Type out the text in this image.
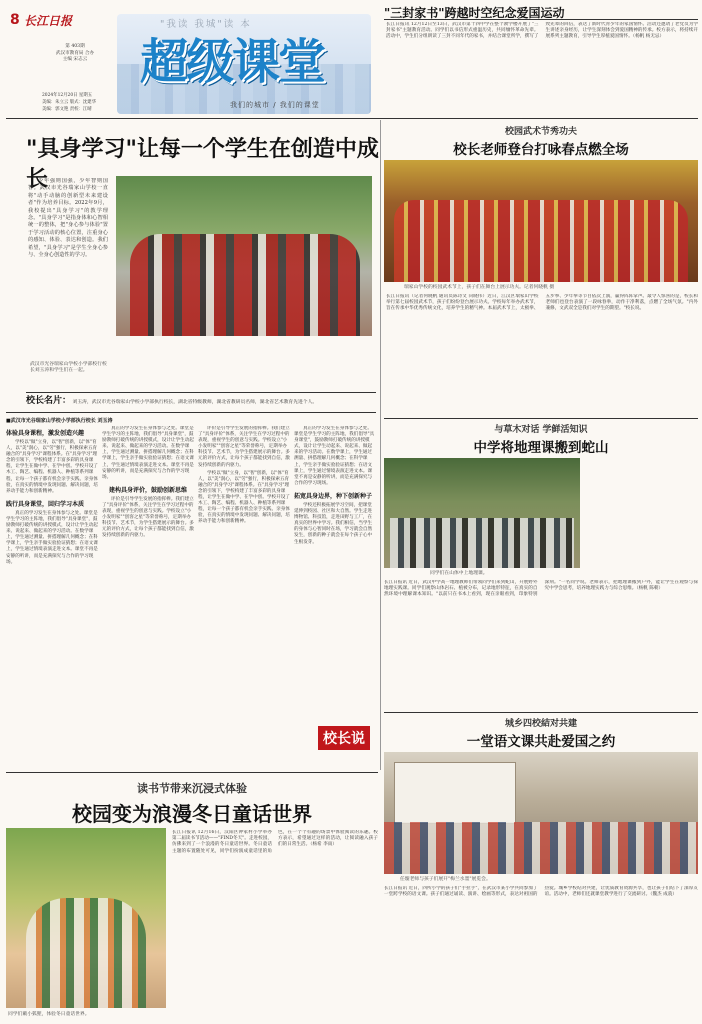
8 长江日报
第 403期
武汉市教育局 合办
主编 宋志云
2024年12月20日 星期五
美编：朱立云 版式：沈建华
美编：郭文艳 责校：江晴
"我读 我城"读 本
超级课堂
我们的城市 / 我们的课堂
"三封家书"跨越时空纪念爱国运动
长江日报讯 12月12日至13日，武汉市第十四中学在整个教学楼开展了"三封家书"主题教育活动。同学们以书信形式重温历史，共同缅怀革命先辈。活动中，学生们分组朗读了三封不同年代的家书，并结合课堂所学，撰写了致先辈的回信，表达了新时代青少年的家国情怀。活动还邀请了老党员为学生讲述亲身经历，让学生深刻体会到爱国精神的传承。校方表示，将持续开展系列主题教育，引导学生厚植爱国情怀。（杨帆 杨无忌）
"具身学习"让每一个学生在创造中成长
少年强则国强，少年智则国智。武汉市光谷瑞家山学校一直将"动手动脑的创新型未来建设者"作为培养目标。2022年9月，我校提出"具身学习"的教学理念。"具身学习"是指身体和心智相统一的整体，把"身心参与体验"置于学习活动的核心位置，注重身心的感知、体验、表达和创造。我们希望，"具身学习"是学生全身心参与、全身心创造性的学习。
武汉市光谷瑞家山学校小学部校行校长刘玉涛和学生们在一起。
校长名片： 刘玉涛，武汉市光谷瑞家山学校小学部执行校长，湖北省特级教师，湖北省教研员名师，湖北省艺术教育先进个人。
■武汉市光谷瑞家山学校小学部执行校长 刘玉涛
体验具身课程，激发创造兴趣
学校以"做"立身，以"智"创新，以"体"育人，以"美"润心，以"劳"强行，积极探索五育融合的"具身学习"课程体系。在"具身学习"理念的引领下，学校构建了丰富多彩的具身课程，让学生在做中学、在学中创。学校开设了木工、陶艺、编程、机器人、种植等系列课程，让每一个孩子都有机会亲手实践、亲身体验，在真实的情境中发现问题、解决问题，培养动手能力和创新精神。
践行具身课堂，回归学习本质
真正的学习发生在身体参与之处。课堂是学生学习的主阵地，我们倡导"具身课堂"，鼓励教师打破传统的讲授模式，设计让学生动起来、说起来、做起来的学习活动。在数学课上，学生通过测量、拼搭理解几何概念；在科学课上，学生亲手做实验验证猜想；在语文课上，学生通过情境表演走进文本。课堂不再是安静的听讲，而是充满探究与合作的学习现场。
真正的学习发生在身体参与之处。课堂是学生学习的主阵地，我们倡导"具身课堂"，鼓励教师打破传统的讲授模式，设计让学生动起来、说起来、做起来的学习活动。在数学课上，学生通过测量、拼搭理解几何概念；在科学课上，学生亲手做实验验证猜想；在语文课上，学生通过情境表演走进文本。课堂不再是安静的听讲，而是充满探究与合作的学习现场。
建构具身评价，鼓励创新思维
评价是引导学生发展的指挥棒。我们建立了"具身评价"体系，关注学生在学习过程中的表现，重视学生的创意与实践。学校设立"小小发明家""创客之星"等荣誉称号，定期举办科技节、艺术节，为学生搭建展示的舞台。多元的评价方式，让每个孩子都能找到自信，激发持续创新的内驱力。
评价是引导学生发展的指挥棒。我们建立了"具身评价"体系，关注学生在学习过程中的表现，重视学生的创意与实践。学校设立"小小发明家""创客之星"等荣誉称号，定期举办科技节、艺术节，为学生搭建展示的舞台。多元的评价方式，让每个孩子都能找到自信，激发持续创新的内驱力。
学校以"做"立身，以"智"创新，以"体"育人，以"美"润心，以"劳"强行，积极探索五育融合的"具身学习"课程体系。在"具身学习"理念的引领下，学校构建了丰富多彩的具身课程，让学生在做中学、在学中创。学校开设了木工、陶艺、编程、机器人、种植等系列课程，让每一个孩子都有机会亲手实践、亲身体验，在真实的情境中发现问题、解决问题，培养动手能力和创新精神。
真正的学习发生在身体参与之处。课堂是学生学习的主阵地，我们倡导"具身课堂"，鼓励教师打破传统的讲授模式，设计让学生动起来、说起来、做起来的学习活动。在数学课上，学生通过测量、拼搭理解几何概念；在科学课上，学生亲手做实验验证猜想；在语文课上，学生通过情境表演走进文本。课堂不再是安静的听讲，而是充满探究与合作的学习现场。
拓宽具身边界，种下创新种子
学校还积极拓展学习空间，把课堂延伸到校园、社区和大自然。学生走进博物馆、科技馆，走进田野与工厂，在真实的世界中学习。我们相信，当学生的身体与心智同时在场，学习就会自然发生，创新的种子就会在每个孩子心中生根发芽。
校长说
校园武术节秀功夫
校长老师登台打咏春点燃全场
瑞家山学校的校园武术节上，孩子们在舞台上展示功夫。记者何晓帆 摄
长江日报讯（记者何晓帆 通讯员陈诗文 向晓伟）近日，江汉区瑞家山学校举行第七届校园武术节，孩子们纷纷登台展示功夫。学校每年举办武术节，旨在传承中华优秀传统文化，培养学生的精气神。本届武术节上，太极拳、五步拳、少年拳等节目依次上演，赢得阵阵掌声。最令人惊喜的是，校长和老师们也登台表演了一段咏春拳，动作干净利落，点燃了全场气氛。"内外兼修，文武双全是我们对学生的期望。"校长说。
与草木对话 学鲜活知识
中学将地理课搬到蛇山
同学们在山体中上地理课。
长江日报讯 近日，武汉中学高一地理教师们带领同学们来到蛇山，开展野外地理实践课。同学们观察山体岩石、植被分布，记录地形特征，在真实的自然环境中理解课本知识。"以前只在书本上看到，现在亲眼看到，印象特别深刻。"一名同学说。老师表示，把地理课搬到户外，能让学生在观察与探究中学会思考，培养地理实践力与综合思维。（杨帆 陈朝）
城乡四校結对共建
一堂语文课共赴爱国之约
任璇老师与孩子们展开"梅兰水墨"展览会。
长江日报讯 近日，四所小学的孩子们"手拉手"，在武汉市某小学共同参加了一堂跨学校的语文课。孩子们通过诵读、演讲、绘画等形式，表达对祖国的热爱。城乡学校结对共建，让优质教育资源共享，也让孩子们结下了深厚友谊。活动中，老师们还就课堂教学进行了交流研讨。（魏杰 成骁）
读书节带来沉浸式体验
校园变为浪漫冬日童话世界
同学们戴小狐狸，体验冬日童话世界。
长江日报讯 12月16日，汉阳区钟家村小学举办第二届读书节活动——"FIND冬天"。走进校园，仿佛来到了一个浪漫的冬日童话世界。冬日童话主题的布置随处可见，同学们扮演成童话里的角色，在一个个有趣的场景中体验阅读的乐趣。校方表示，希望通过这样的活动，让阅读融入孩子们的日常生活。（杨希 李雨）
